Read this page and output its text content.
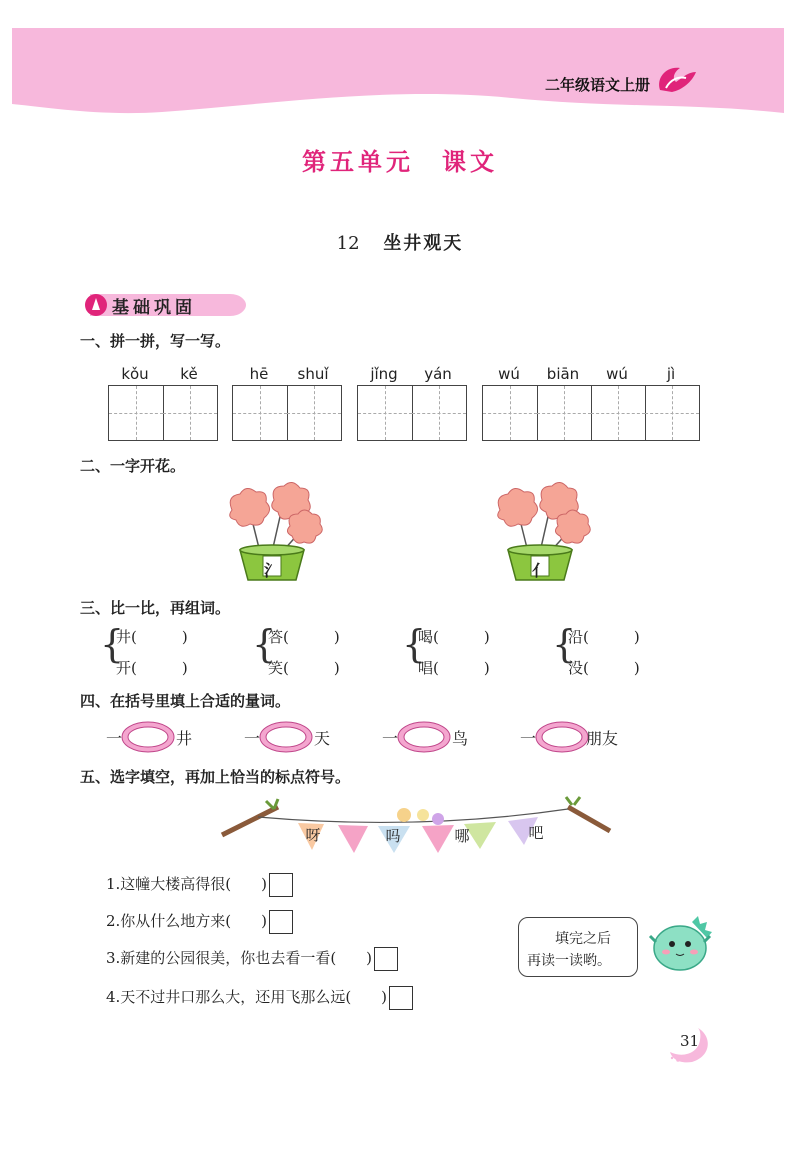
二年级语文上册
第五单元　课文
12 坐井观天
基础巩固
一、拼一拼，写一写。
kǒu	kě	hē	shuǐ	jǐng	yán	wú	biān	wú	jì
二、一字开花。
氵	亻
三、比一比，再组词。
{
井(　　　)
开(　　　)
{
答(　　　)
笑(　　　)
{
喝(　　　)
唱(　　　)
{
沿(　　　)
没(　　　)
四、在括号里填上合适的量词。
一	井	一	天	一	鸟	一	朋友
五、选字填空，再加上恰当的标点符号。
呀	吗	哪	吧
1.这幢大楼高得很(　　)
2.你从什么地方来(　　)
3.新建的公园很美，你也去看一看(　　)
4.天不过井口那么大，还用飞那么远(　　)
填完之后
再读一读哟。
31
